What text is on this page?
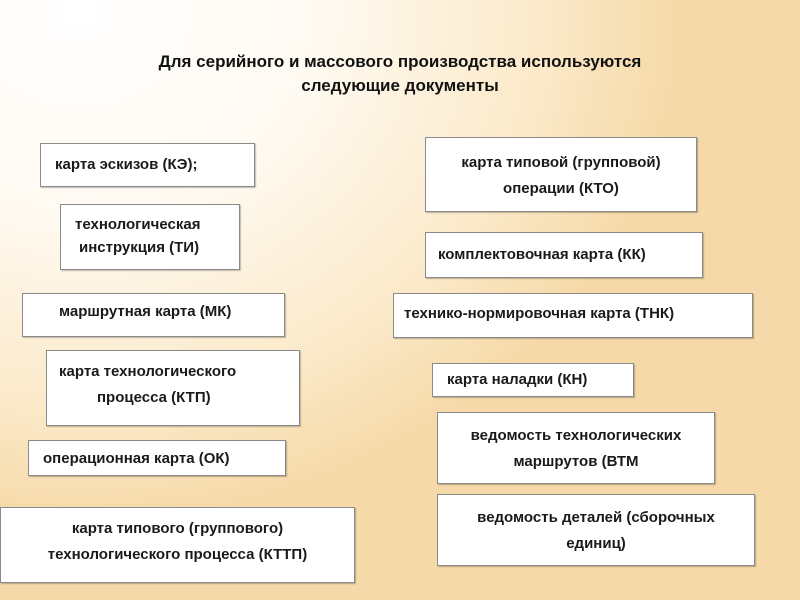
Для серийного и массового производства используются
следующие документы
карта эскизов (КЭ);
технологическая
инструкция (ТИ)
маршрутная карта (МК)
карта технологического
процесса (КТП)
операционная карта (ОК)
карта типового (группового)
технологического процесса (КТТП)
карта типовой (групповой)
операции (КТО)
комплектовочная карта (КК)
технико-нормировочная карта (ТНК)
карта наладки (КН)
ведомость технологических
маршрутов (ВТМ
ведомость деталей (сборочных
единиц)
